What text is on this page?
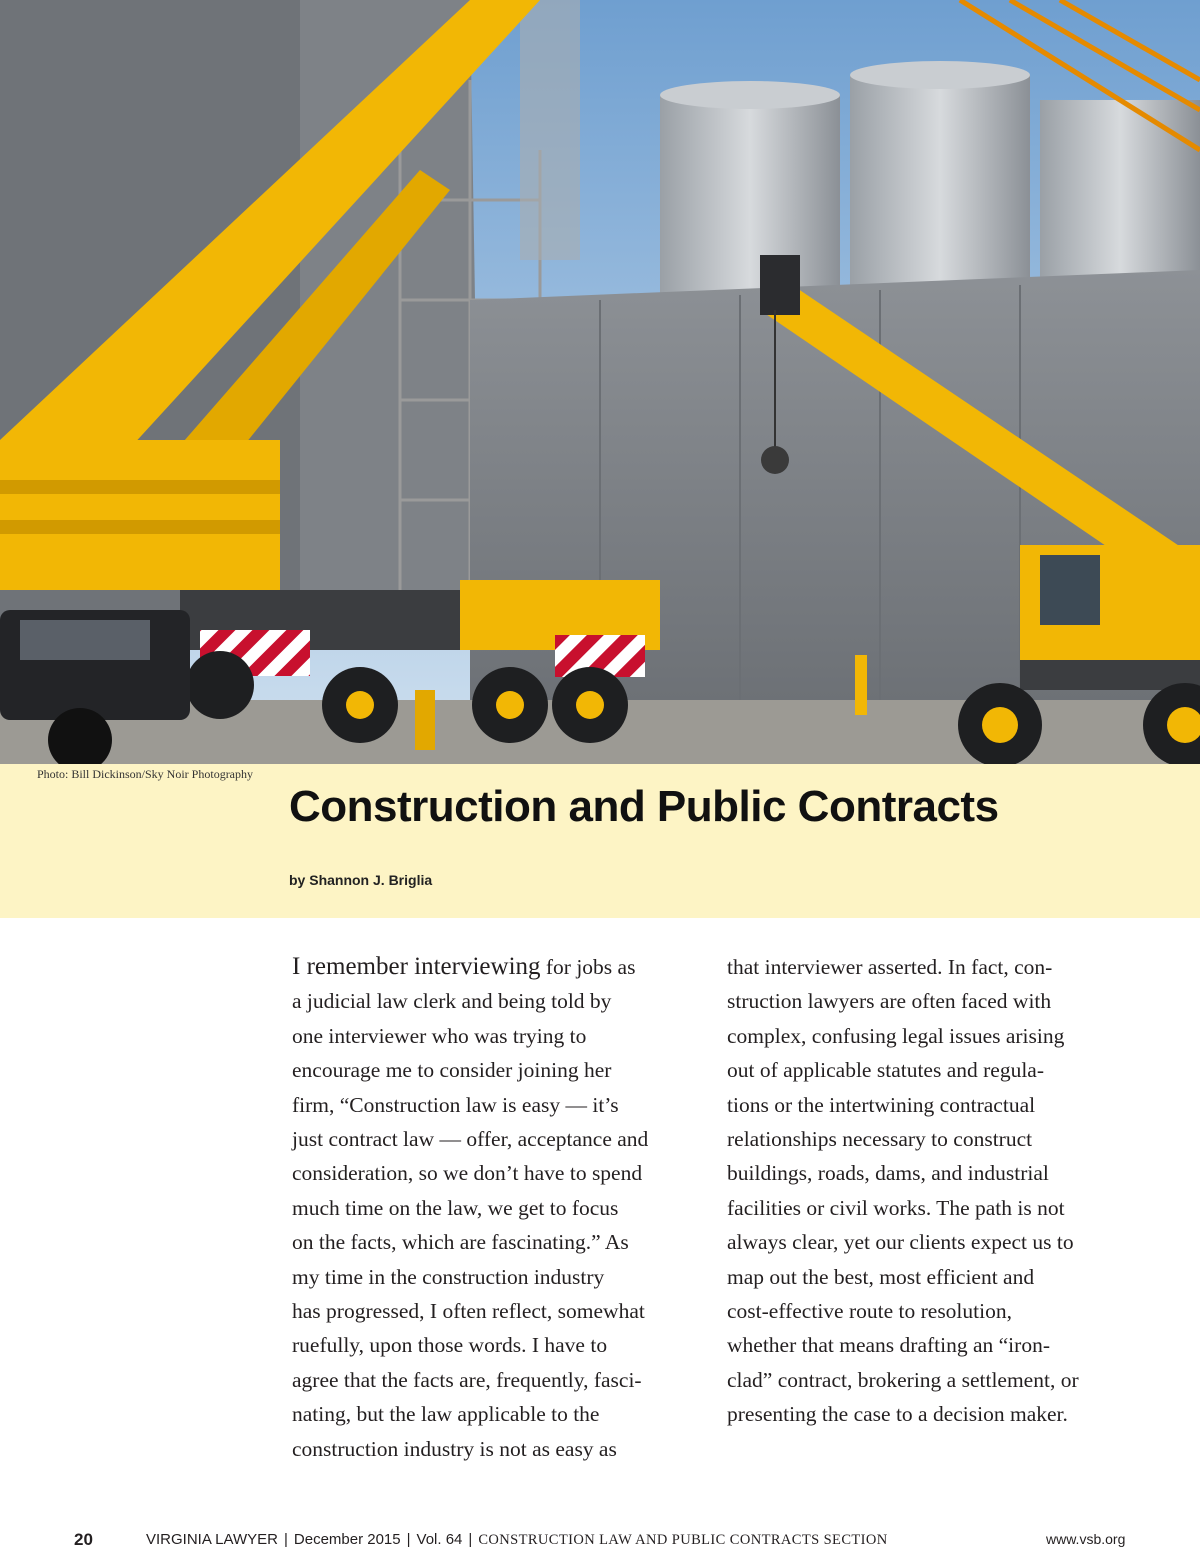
Photo: Bill Dickinson/Sky Noir Photography
Construction and Public Contracts
by Shannon J. Briglia
I remember interviewing for jobs as
a judicial law clerk and being told by
one interviewer who was trying to
encourage me to consider joining her
firm, “Construction law is easy — it’s
just contract law — offer, acceptance and
consideration, so we don’t have to spend
much time on the law, we get to focus
on the facts, which are fascinating.” As
my time in the construction industry
has progressed, I often reflect, somewhat
ruefully, upon those words. I have to
agree that the facts are, frequently, fasci-
nating, but the law applicable to the
construction industry is not as easy as
that interviewer asserted. In fact, con-
struction lawyers are often faced with
complex, confusing legal issues arising
out of applicable statutes and regula-
tions or the intertwining contractual
relationships necessary to construct
buildings, roads, dams, and industrial
facilities or civil works. The path is not
always clear, yet our clients expect us to
map out the best, most efficient and
cost-effective route to resolution,
whether that means drafting an “iron-
clad” contract, brokering a settlement, or
presenting the case to a decision maker.
20	VIRGINIA LAWYER | December 2015 | Vol. 64 | CONSTRUCTION LAW AND PUBLIC CONTRACTS SECTION	www.vsb.org
